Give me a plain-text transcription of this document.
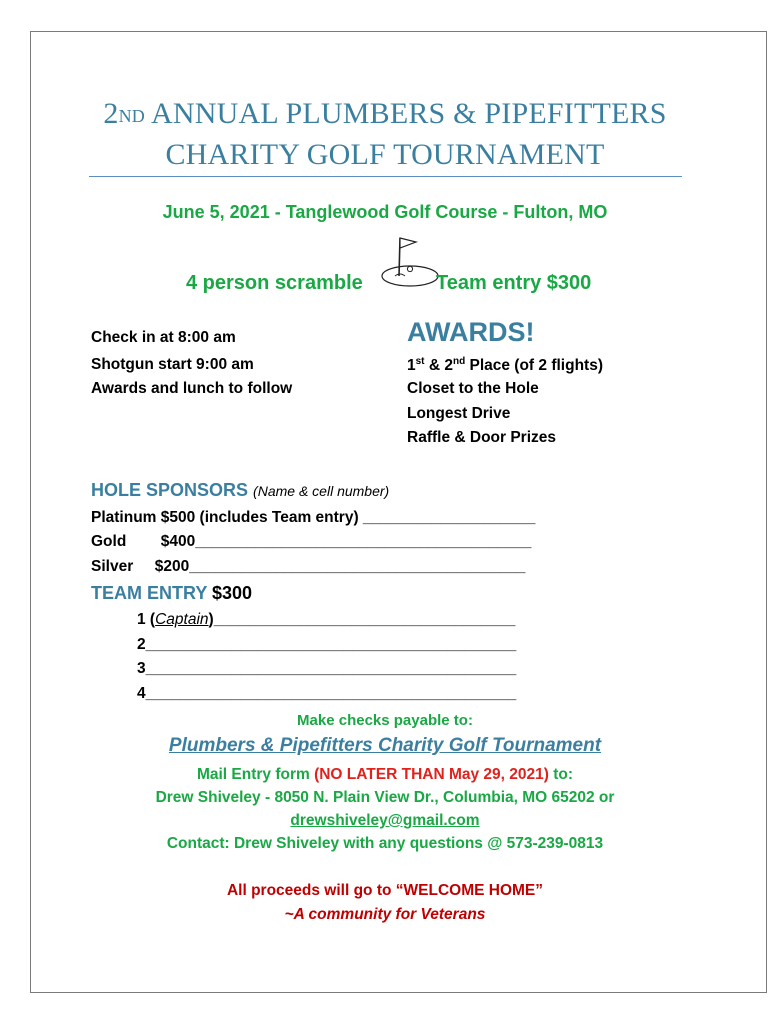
2ND ANNUAL PLUMBERS & PIPEFITTERS
CHARITY GOLF TOURNAMENT
June 5, 2021 - Tanglewood Golf Course - Fulton, MO
4 person scramble	Team entry $300
Check in at 8:00 am
Shotgun start 9:00 am
Awards and lunch to follow
AWARDS!
1st & 2nd Place (of 2 flights)
Closet to the Hole
Longest Drive
Raffle & Door Prizes
HOLE SPONSORS (Name & cell number)
Platinum $500 (includes Team entry) ____________________
Gold        $400_______________________________________
Silver     $200_______________________________________
TEAM ENTRY $300
1 (Captain)___________________________________
2___________________________________________
3___________________________________________
4___________________________________________
Make checks payable to:
Plumbers & Pipefitters Charity Golf Tournament
Mail Entry form (NO LATER THAN May 29, 2021) to:
Drew Shiveley - 8050 N. Plain View Dr., Columbia, MO 65202 or
drewshiveley@gmail.com
Contact: Drew Shiveley with any questions @ 573-239-0813
All proceeds will go to “WELCOME HOME”
~A community for Veterans
